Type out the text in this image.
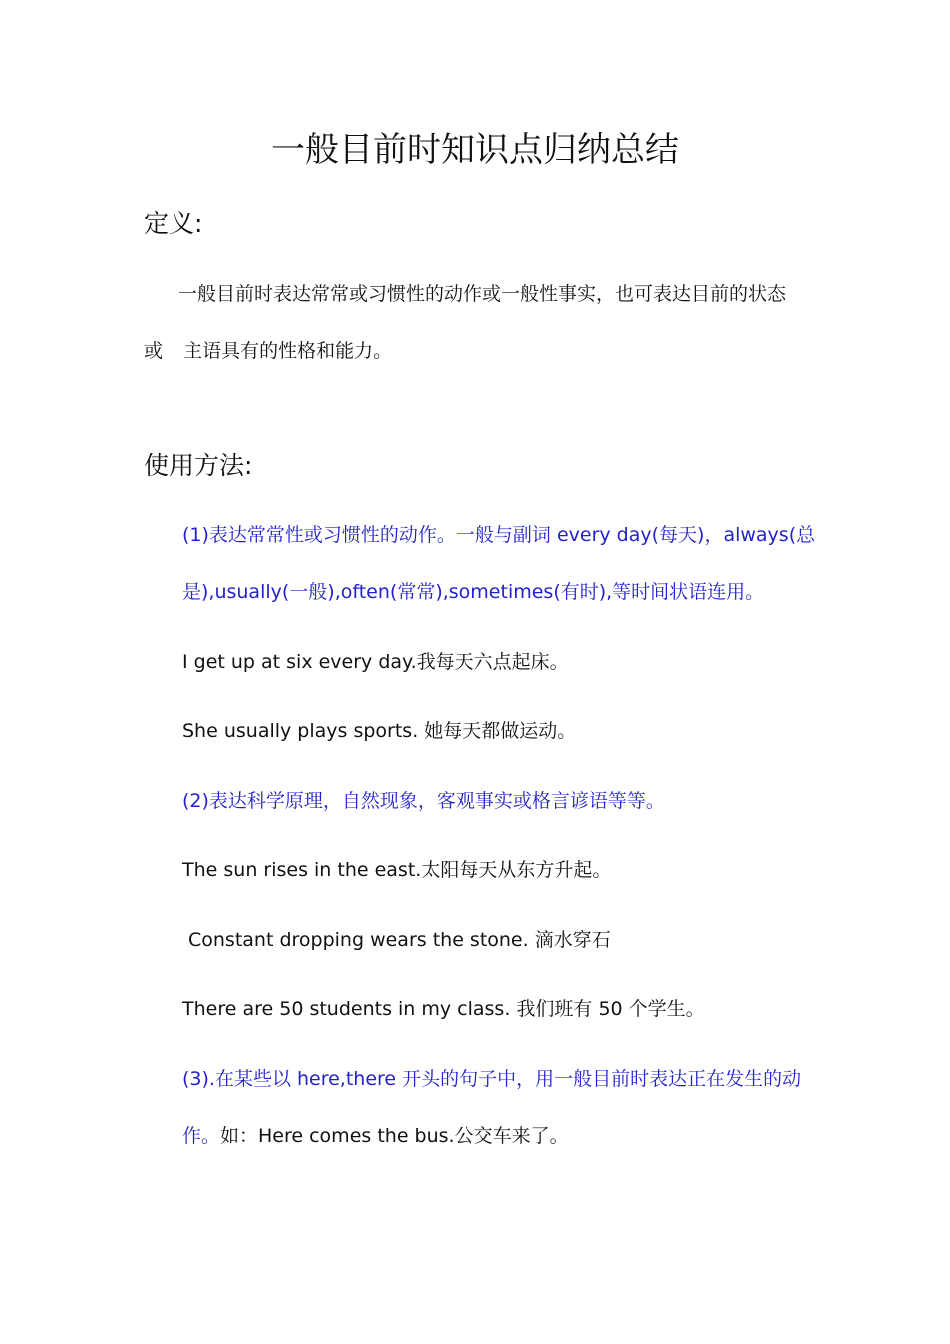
一般目前时知识点归纳总结
定义:
一般目前时表达常常或习惯性的动作或一般性事实，也可表达目前的状态
或 主语具有的性格和能力。
使用方法:
(1)表达常常性或习惯性的动作。一般与副词 every day(每天)，always(总
是),usually(一般),often(常常),sometimes(有时),等时间状语连用。
I get up at six every day.我每天六点起床。
She usually plays sports. 她每天都做运动。
(2)表达科学原理，自然现象，客观事实或格言谚语等等。
The sun rises in the east.太阳每天从东方升起。
Constant dropping wears the stone. 滴水穿石
There are 50 students in my class. 我们班有 50 个学生。
(3).在某些以 here,there 开头的句子中，用一般目前时表达正在发生的动
作。如：Here comes the bus.公交车来了。
